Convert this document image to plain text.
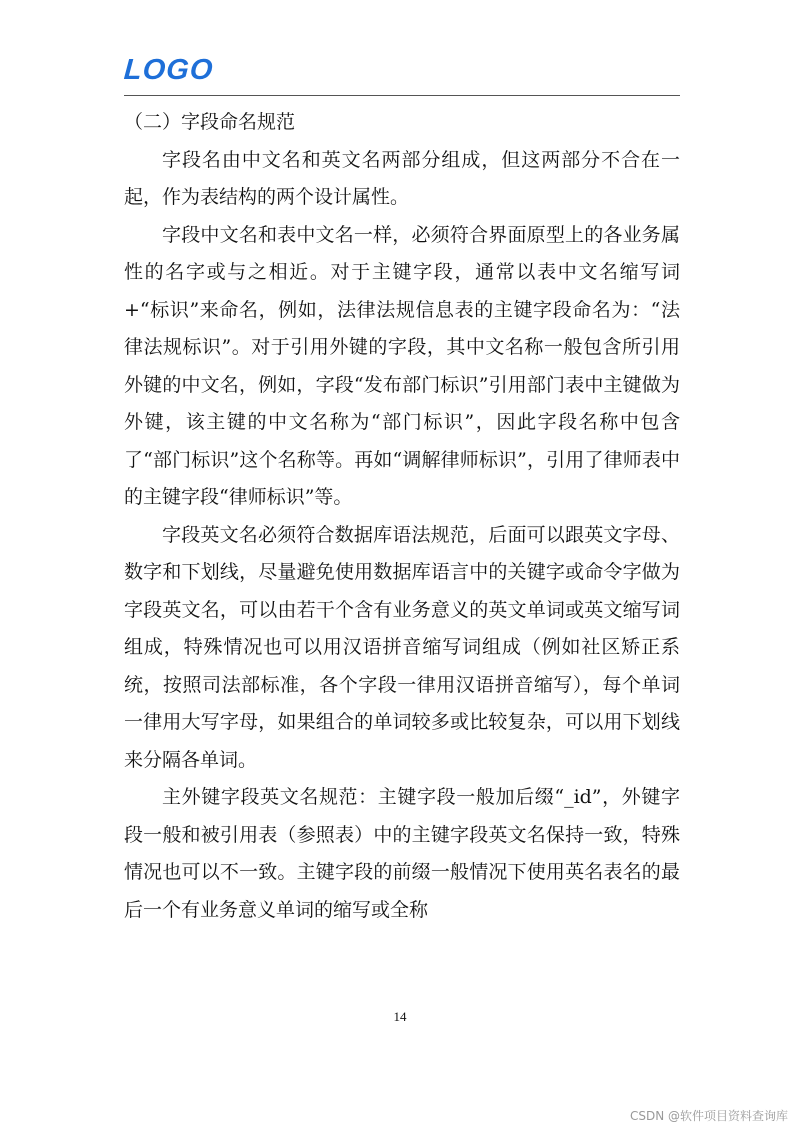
LOGO

（二）字段命名规范

字段名由中文名和英文名两部分组成，但这两部分不合在一起，作为表结构的两个设计属性。

字段中文名和表中文名一样，必须符合界面原型上的各业务属性的名字或与之相近。对于主键字段，通常以表中文名缩写词+“标识”来命名，例如，法律法规信息表的主键字段命名为：“法律法规标识”。对于引用外键的字段，其中文名称一般包含所引用外键的中文名，例如，字段“发布部门标识”引用部门表中主键做为外键，该主键的中文名称为“部门标识”，因此字段名称中包含了“部门标识”这个名称等。再如“调解律师标识”，引用了律师表中的主键字段“律师标识”等。

字段英文名必须符合数据库语法规范，后面可以跟英文字母、数字和下划线，尽量避免使用数据库语言中的关键字或命令字做为字段英文名，可以由若干个含有业务意义的英文单词或英文缩写词组成，特殊情况也可以用汉语拼音缩写词组成（例如社区矫正系统，按照司法部标准，各个字段一律用汉语拼音缩写），每个单词一律用大写字母，如果组合的单词较多或比较复杂，可以用下划线来分隔各单词。

主外键字段英文名规范：主键字段一般加后缀“_id”，外键字段一般和被引用表（参照表）中的主键字段英文名保持一致，特殊情况也可以不一致。主键字段的前缀一般情况下使用英名表名的最后一个有业务意义单词的缩写或全称

14
CSDN @软件项目资料查询库
